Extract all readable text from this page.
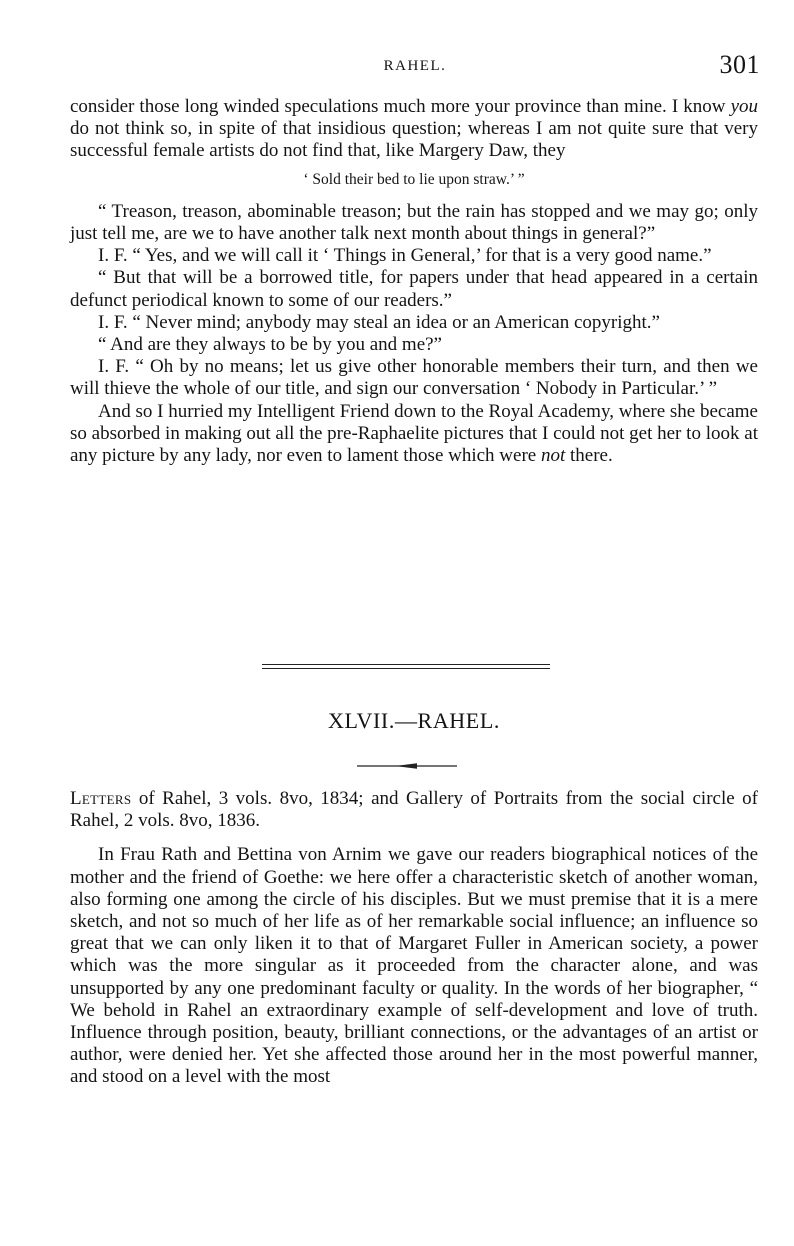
RAHEL.	301

consider those long winded speculations much more your province than mine. I know you do not think so, in spite of that insidious question; whereas I am not quite sure that very successful female artists do not find that, like Margery Daw, they

‘ Sold their bed to lie upon straw.’ ”

“ Treason, treason, abominable treason; but the rain has stopped and we may go; only just tell me, are we to have another talk next month about things in general?”

I. F. “ Yes, and we will call it ‘ Things in General,’ for that is a very good name.”

“ But that will be a borrowed title, for papers under that head appeared in a certain defunct periodical known to some of our readers.”

I. F. “ Never mind; anybody may steal an idea or an American copyright.”

“ And are they always to be by you and me?”

I. F. “ Oh by no means; let us give other honorable members their turn, and then we will thieve the whole of our title, and sign our conversation ‘ Nobody in Particular.’ ”

And so I hurried my Intelligent Friend down to the Royal Academy, where she became so absorbed in making out all the pre-Raphaelite pictures that I could not get her to look at any picture by any lady, nor even to lament those which were not there.

XLVII.—RAHEL.

Letters of Rahel, 3 vols. 8vo, 1834; and Gallery of Portraits from the social circle of Rahel, 2 vols. 8vo, 1836.

In Frau Rath and Bettina von Arnim we gave our readers biographical notices of the mother and the friend of Goethe: we here offer a characteristic sketch of another woman, also forming one among the circle of his disciples. But we must premise that it is a mere sketch, and not so much of her life as of her remarkable social influence; an influence so great that we can only liken it to that of Margaret Fuller in American society, a power which was the more singular as it proceeded from the character alone, and was unsupported by any one predominant faculty or quality. In the words of her biographer, “ We behold in Rahel an extraordinary example of self-development and love of truth. Influence through position, beauty, brilliant connections, or the advantages of an artist or author, were denied her. Yet she affected those around her in the most powerful manner, and stood on a level with the most
